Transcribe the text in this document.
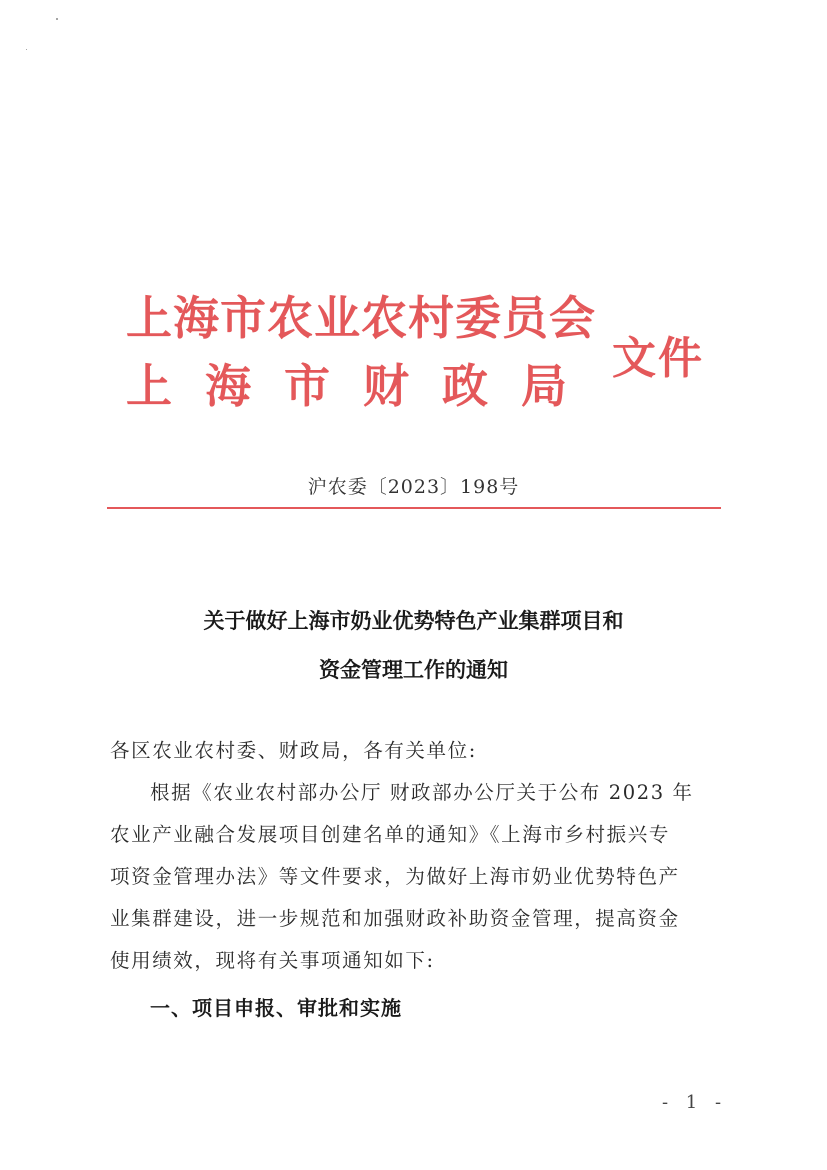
上海市农业农村委员会
上海市财政局
文件
沪农委〔2023〕198号
关于做好上海市奶业优势特色产业集群项目和
资金管理工作的通知
各区农业农村委、财政局，各有关单位:
根据《农业农村部办公厅 财政部办公厅关于公布 2023 年
农业产业融合发展项目创建名单的通知》《上海市乡村振兴专
项资金管理办法》等文件要求，为做好上海市奶业优势特色产
业集群建设，进一步规范和加强财政补助资金管理，提高资金
使用绩效，现将有关事项通知如下:
一、项目申报、审批和实施
- 1 -
